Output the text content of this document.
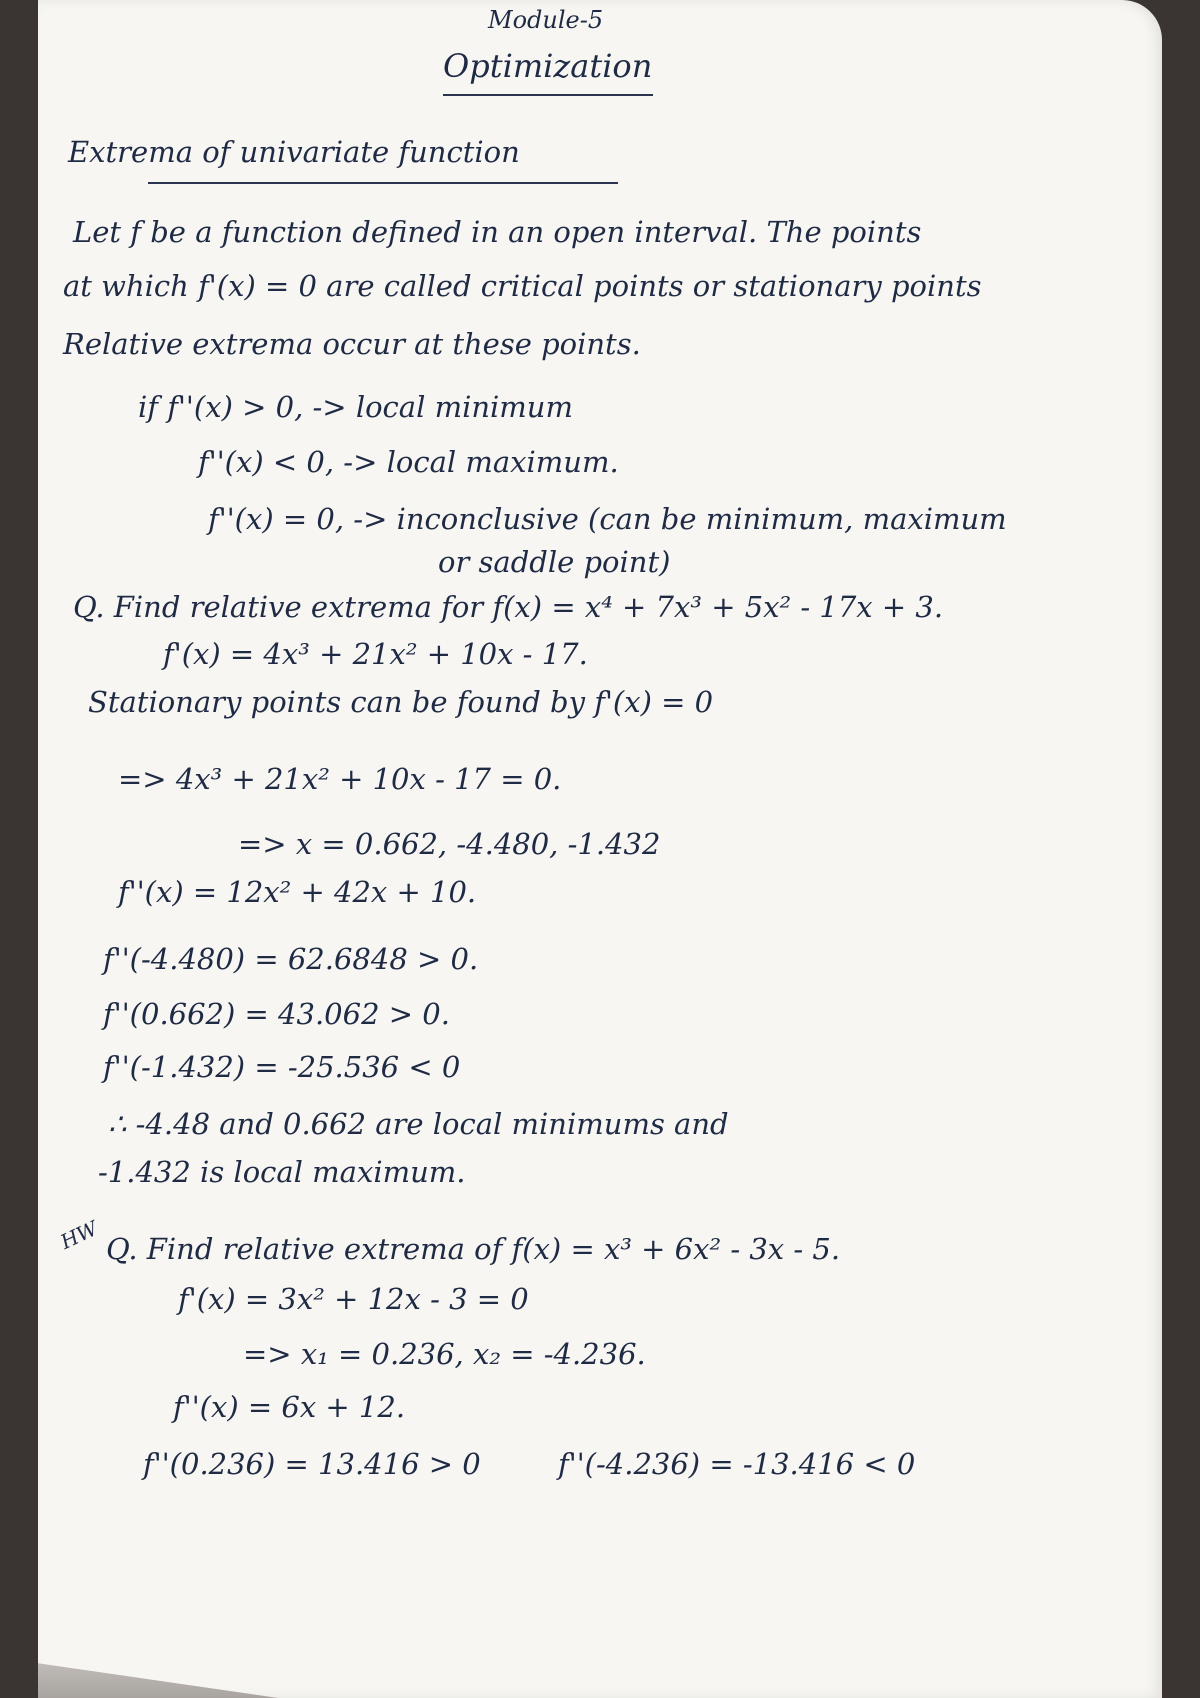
Module-5
Optimization
Extrema of univariate function
Let f be a function defined in an open interval. The points
at which f'(x) = 0 are called critical points or stationary points
Relative extrema occur at these points.
if f''(x) > 0, -> local minimum
f''(x) < 0, -> local maximum.
f''(x) = 0, -> inconclusive (can be minimum, maximum
or saddle point)
Q. Find relative extrema for f(x) = x⁴ + 7x³ + 5x² - 17x + 3.
f'(x) = 4x³ + 21x² + 10x - 17.
Stationary points can be found by f'(x) = 0
=> 4x³ + 21x² + 10x - 17 = 0.
=> x = 0.662, -4.480, -1.432
f''(x) = 12x² + 42x + 10.
f''(-4.480) = 62.6848 > 0.
f''(0.662) = 43.062 > 0.
f''(-1.432) = -25.536 < 0
∴ -4.48 and 0.662 are local minimums and
-1.432 is local maximum.
HW Q. Find relative extrema of f(x) = x³ + 6x² - 3x - 5.
f'(x) = 3x² + 12x - 3 = 0
=> x₁ = 0.236, x₂ = -4.236.
f''(x) = 6x + 12.
f''(0.236) = 13.416 > 0	f''(-4.236) = -13.416 < 0
